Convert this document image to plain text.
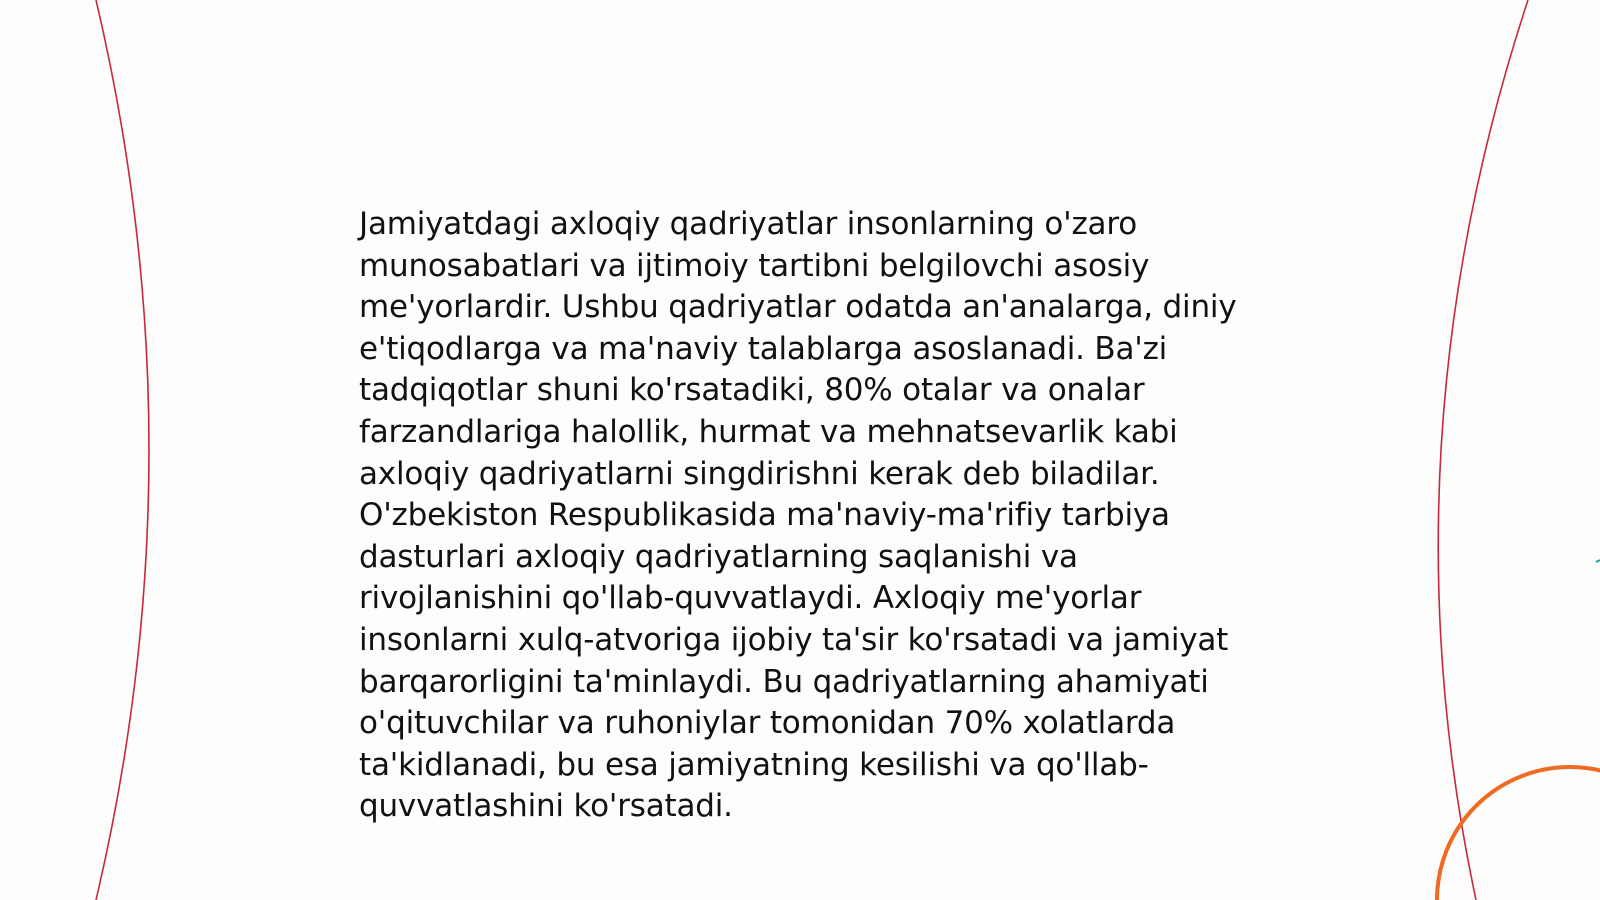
Jamiyatdagi axloqiy qadriyatlar insonlarning o'zaro munosabatlari va ijtimoiy tartibni belgilovchi asosiy me'yorlardir. Ushbu qadriyatlar odatda an'analarga, diniy e'tiqodlarga va ma'naviy talablarga asoslanadi. Ba'zi tadqiqotlar shuni ko'rsatadiki, 80% otalar va onalar farzandlariga halollik, hurmat va mehnatsevarlik kabi axloqiy qadriyatlarni singdirishni kerak deb biladilar. O'zbekiston Respublikasida ma'naviy-ma'rifiy tarbiya dasturlari axloqiy qadriyatlarning saqlanishi va rivojlanishini qo'llab-quvvatlaydi. Axloqiy me'yorlar insonlarni xulq-atvoriga ijobiy ta'sir ko'rsatadi va jamiyat barqarorligini ta'minlaydi. Bu qadriyatlarning ahamiyati o'qituvchilar va ruhoniylar tomonidan 70% xolatlarda ta'kidlanadi, bu esa jamiyatning kesilishi va qo'llab-quvvatlashini ko'rsatadi.
